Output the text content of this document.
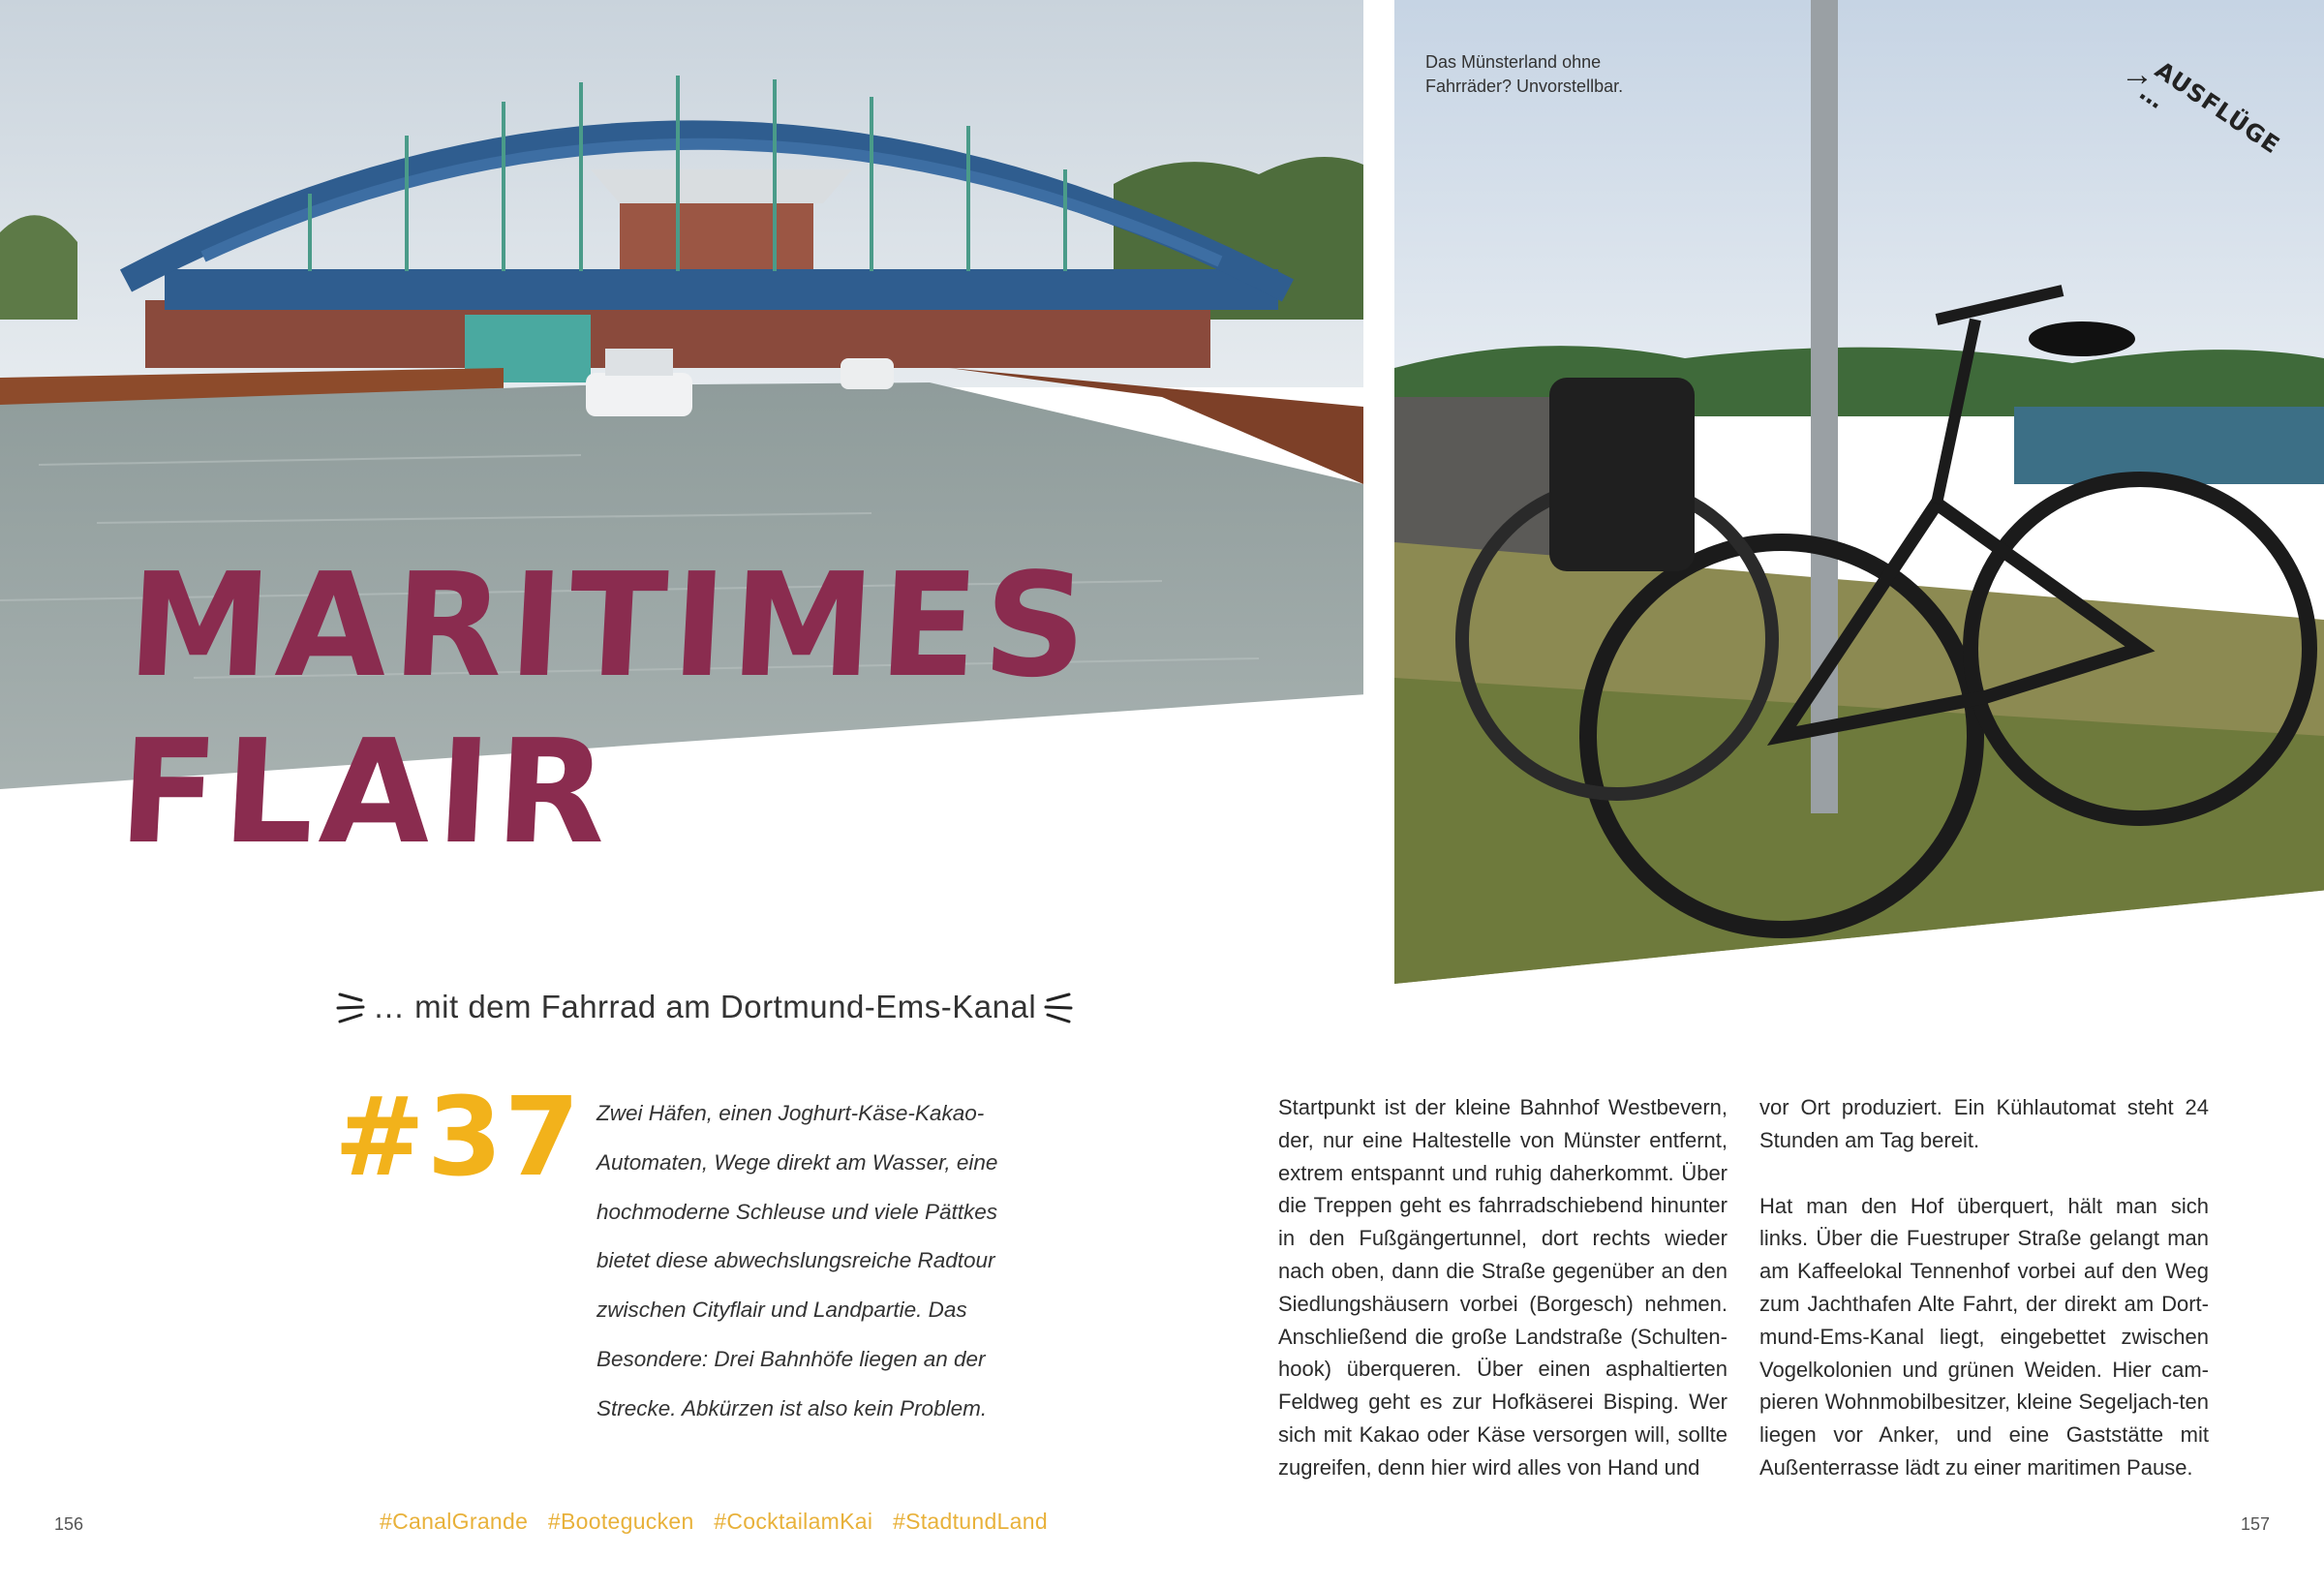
MARITIMES
FLAIR
… mit dem Fahrrad am Dortmund-Ems-Kanal
#37 Zwei Häfen, einen Joghurt-Käse-Kakao-Automaten, Wege direkt am Wasser, eine hochmoderne Schleuse und viele Pättkes bietet diese abwechslungsreiche Radtour zwischen Cityflair und Landpartie. Das Besondere: Drei Bahnhöfe liegen an der Strecke. Abkürzen ist also kein Problem.

156	#CanalGrande #Bootegucken #CocktailamKai #StadtundLand
Das Münsterland ohne
Fahrräder? Unvorstellbar.	→
AUSFLÜGE …

Startpunkt ist der kleine Bahnhof Westbevern, der, nur eine Haltestelle von Münster entfernt, extrem entspannt und ruhig daherkommt. Über die Treppen geht es fahrradschiebend hinunter in den Fußgängertunnel, dort rechts wieder nach oben, dann die Straße gegenüber an den Siedlungshäusern vorbei (Borgesch) nehmen. Anschließend die große Landstraße (Schulten-hook) überqueren. Über einen asphaltierten Feldweg geht es zur Hofkäserei Bisping. Wer sich mit Kakao oder Käse versorgen will, sollte zugreifen, denn hier wird alles von Hand und

vor Ort produziert. Ein Kühlautomat steht 24 Stunden am Tag bereit.

Hat man den Hof überquert, hält man sich links. Über die Fuestruper Straße gelangt man am Kaffeelokal Tennenhof vorbei auf den Weg zum Jachthafen Alte Fahrt, der direkt am Dort-mund-Ems-Kanal liegt, eingebettet zwischen Vogelkolonien und grünen Weiden. Hier cam-pieren Wohnmobilbesitzer, kleine Segeljach-ten liegen vor Anker, und eine Gaststätte mit Außenterrasse lädt zu einer maritimen Pause.

157
